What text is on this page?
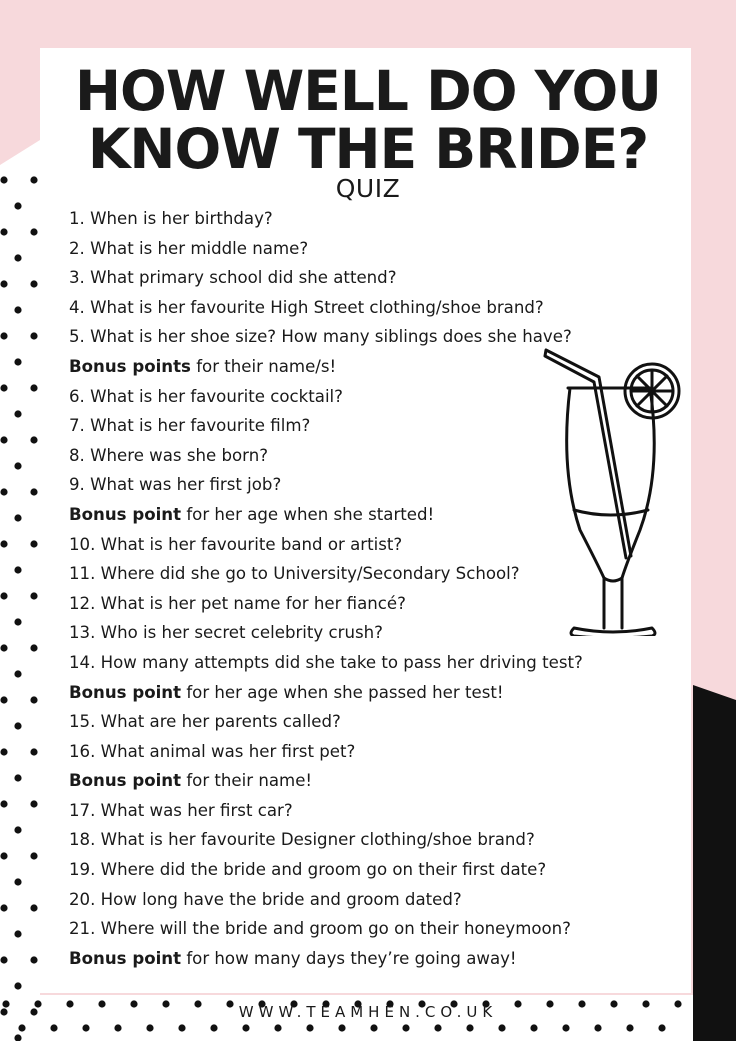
HOW WELL DO YOU
KNOW THE BRIDE?
QUIZ
1. When is her birthday?
2. What is her middle name?
3. What primary school did she attend?
4. What is her favourite High Street clothing/shoe brand?
5. What is her shoe size? How many siblings does she have?
Bonus points for their name/s!
6. What is her favourite cocktail?
7. What is her favourite film?
8. Where was she born?
9. What was her first job?
Bonus point for her age when she started!
10. What is her favourite band or artist?
11. Where did she go to University/Secondary School?
12. What is her pet name for her fiancé?
13. Who is her secret celebrity crush?
14. How many attempts did she take to pass her driving test?
Bonus point for her age when she passed her test!
15. What are her parents called?
16. What animal was her first pet?
Bonus point for their name!
17. What was her first car?
18. What is her favourite Designer clothing/shoe brand?
19. Where did the bride and groom go on their first date?
20. How long have the bride and groom dated?
21. Where will the bride and groom go on their honeymoon?
Bonus point for how many days they’re going away!
WWW.TEAMHEN.CO.UK
